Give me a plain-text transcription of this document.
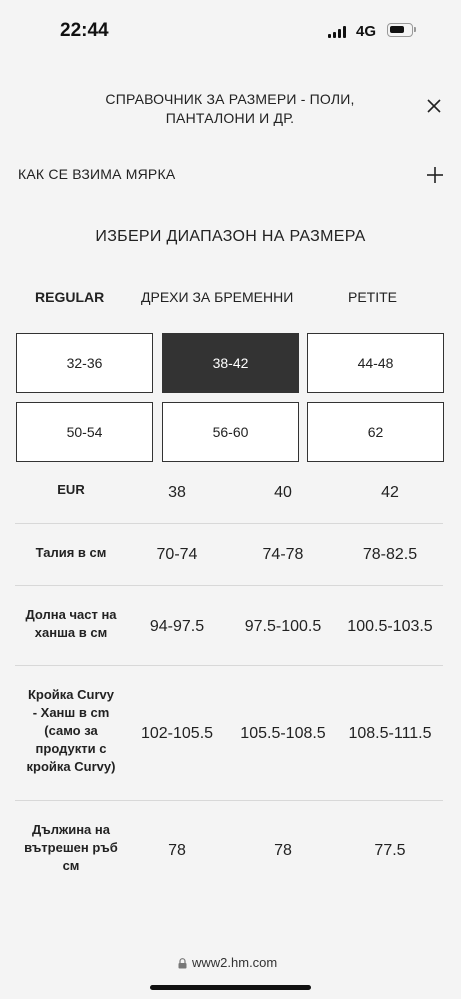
22:44	4G
СПРАВОЧНИК ЗА РАЗМЕРИ - ПОЛИ,
ПАНТАЛОНИ И ДР.
КАК СЕ ВЗИМА МЯРКА
ИЗБЕРИ ДИАПАЗОН НА РАЗМЕРА
REGULAR	ДРЕХИ ЗА БРЕМЕННИ	PETITE
32-36	38-42	44-48
50-54	56-60	62
EUR	38	40	42
Талия в см	70-74	74-78	78-82.5
Долна част на
ханша в см	94-97.5	97.5-100.5	100.5-103.5
Кройка Curvy
- Ханш в cm
(само за
продукти с
кройка Curvy)
102-105.5	105.5-108.5	108.5-111.5
Дължина на
вътрешен ръб
см
78	78	77.5
www2.hm.com
